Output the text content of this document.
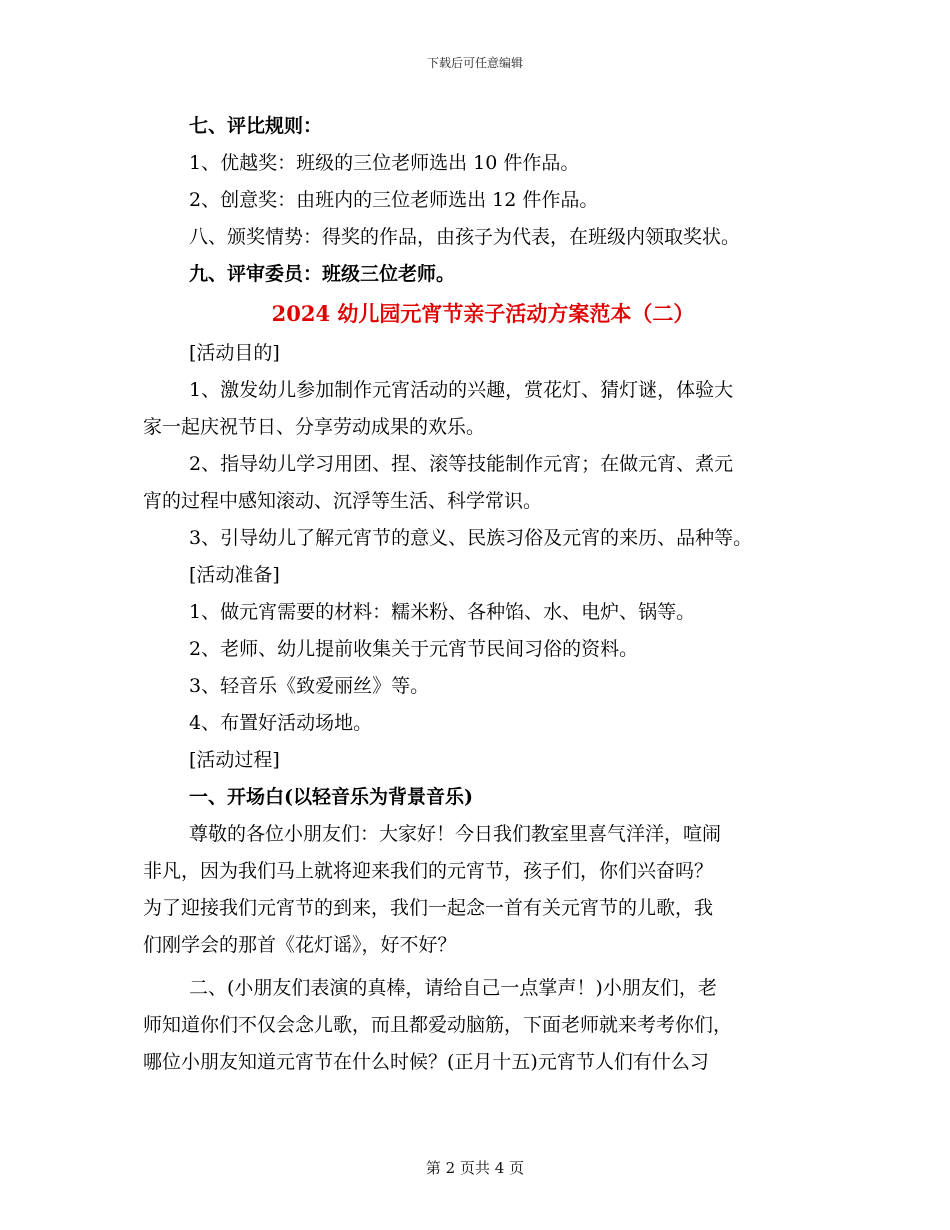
下载后可任意编辑
七、评比规则：
1、优越奖：班级的三位老师选出 10 件作品。
2、创意奖：由班内的三位老师选出 12 件作品。
八、颁奖情势：得奖的作品，由孩子为代表，在班级内领取奖状。
九、评审委员：班级三位老师。
2024 幼儿园元宵节亲子活动方案范本（二）
[活动目的]
1、激发幼儿参加制作元宵活动的兴趣，赏花灯、猜灯谜，体验大
家一起庆祝节日、分享劳动成果的欢乐。
2、指导幼儿学习用团、捏、滚等技能制作元宵；在做元宵、煮元
宵的过程中感知滚动、沉浮等生活、科学常识。
3、引导幼儿了解元宵节的意义、民族习俗及元宵的来历、品种等。
[活动准备]
1、做元宵需要的材料：糯米粉、各种馅、水、电炉、锅等。
2、老师、幼儿提前收集关于元宵节民间习俗的资料。
3、轻音乐《致爱丽丝》等。
4、布置好活动场地。
[活动过程]
一、开场白(以轻音乐为背景音乐)
尊敬的各位小朋友们：大家好！今日我们教室里喜气洋洋，喧闹
非凡，因为我们马上就将迎来我们的元宵节，孩子们，你们兴奋吗？
为了迎接我们元宵节的到来，我们一起念一首有关元宵节的儿歌，我
们刚学会的那首《花灯谣》，好不好？
二、(小朋友们表演的真棒，请给自己一点掌声！)小朋友们，老
师知道你们不仅会念儿歌，而且都爱动脑筋，下面老师就来考考你们，
哪位小朋友知道元宵节在什么时候？(正月十五)元宵节人们有什么习
第 2 页共 4 页
